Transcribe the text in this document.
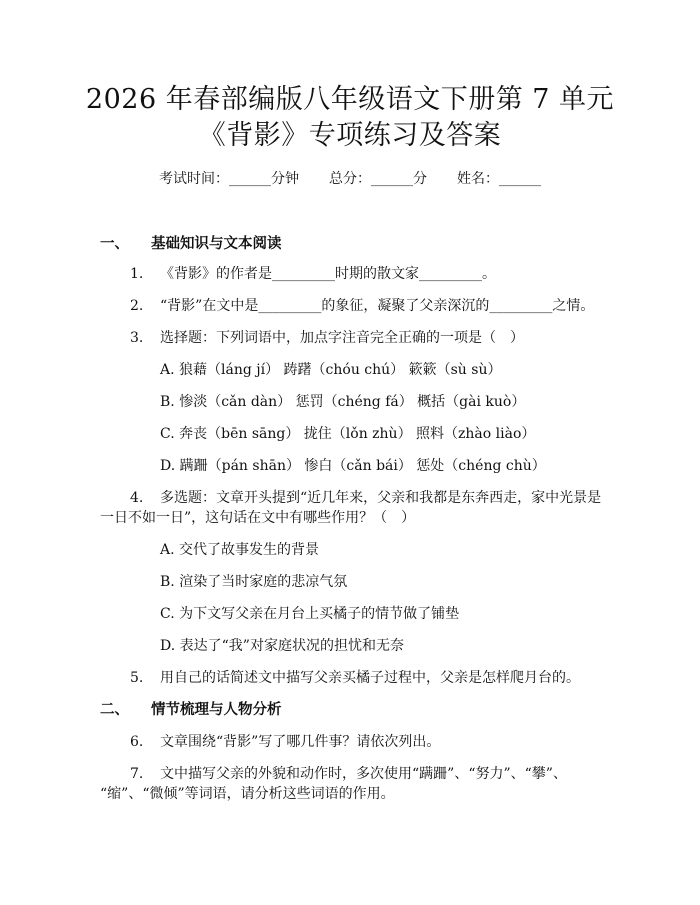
2026 年春部编版八年级语文下册第 7 单元
《背影》专项练习及答案
考试时间：______分钟 总分：______分 姓名：______
一、 基础知识与文本阅读
1. 《背影》的作者是_________时期的散文家_________。
2. “背影”在文中是_________的象征，凝聚了父亲深沉的_________之情。
3. 选择题：下列词语中，加点字注音完全正确的一项是（　）
A. 狼藉（láng jí） 踌躇（chóu chú） 簌簌（sù sù）
B. 惨淡（cǎn dàn） 惩罚（chéng fá） 概括（gài kuò）
C. 奔丧（bēn sāng） 拢住（lǒn zhù） 照料（zhào liào）
D. 蹒跚（pán shān） 惨白（cǎn bái） 惩处（chéng chù）
4. 多选题：文章开头提到“近几年来，父亲和我都是东奔西走，家中光景是
一日不如一日”，这句话在文中有哪些作用？（　）
A. 交代了故事发生的背景
B. 渲染了当时家庭的悲凉气氛
C. 为下文写父亲在月台上买橘子的情节做了铺垫
D. 表达了“我”对家庭状况的担忧和无奈
5. 用自己的话简述文中描写父亲买橘子过程中，父亲是怎样爬月台的。
二、 情节梳理与人物分析
6. 文章围绕“背影”写了哪几件事？请依次列出。
7. 文中描写父亲的外貌和动作时，多次使用“蹒跚”、“努力”、“攀”、
“缩”、“微倾”等词语，请分析这些词语的作用。
